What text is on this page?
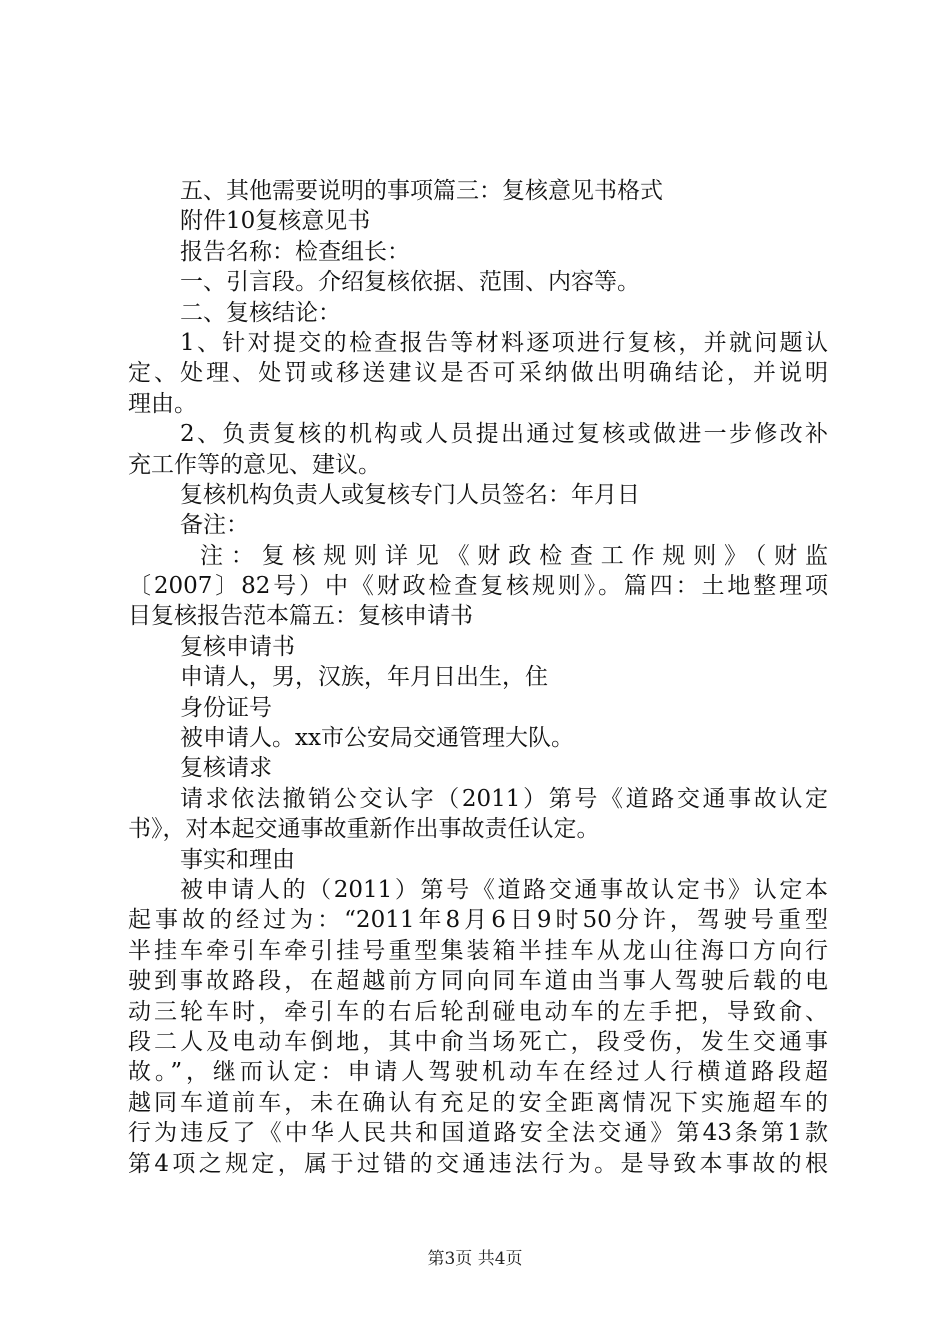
五、其他需要说明的事项篇三：复核意见书格式
附件10复核意见书
报告名称：检查组长：
一、引言段。介绍复核依据、范围、内容等。
二、复核结论：
1、针对提交的检查报告等材料逐项进行复核，并就问题认
定、处理、处罚或移送建议是否可采纳做出明确结论，并说明
理由。
2、负责复核的机构或人员提出通过复核或做进一步修改补
充工作等的意见、建议。
复核机构负责人或复核专门人员签名：年月日
备注：
注：复核规则详见《财政检查工作规则》（财监
〔2007〕82号）中《财政检查复核规则》。篇四：土地整理项
目复核报告范本篇五：复核申请书
复核申请书
申请人，男，汉族，年月日出生，住
身份证号
被申请人。xx市公安局交通管理大队。
复核请求
请求依法撤销公交认字（2011）第号《道路交通事故认定
书》，对本起交通事故重新作出事故责任认定。
事实和理由
被申请人的（2011）第号《道路交通事故认定书》认定本
起事故的经过为：“2011年8月6日9时50分许，驾驶号重型
半挂车牵引车牵引挂号重型集装箱半挂车从龙山往海口方向行
驶到事故路段，在超越前方同向同车道由当事人驾驶后载的电
动三轮车时，牵引车的右后轮刮碰电动车的左手把，导致俞、
段二人及电动车倒地，其中俞当场死亡，段受伤，发生交通事
故。”，继而认定：申请人驾驶机动车在经过人行横道路段超
越同车道前车，未在确认有充足的安全距离情况下实施超车的
行为违反了《中华人民共和国道路安全法交通》第43条第1款
第4项之规定，属于过错的交通违法行为。是导致本事故的根
第3页 共4页
